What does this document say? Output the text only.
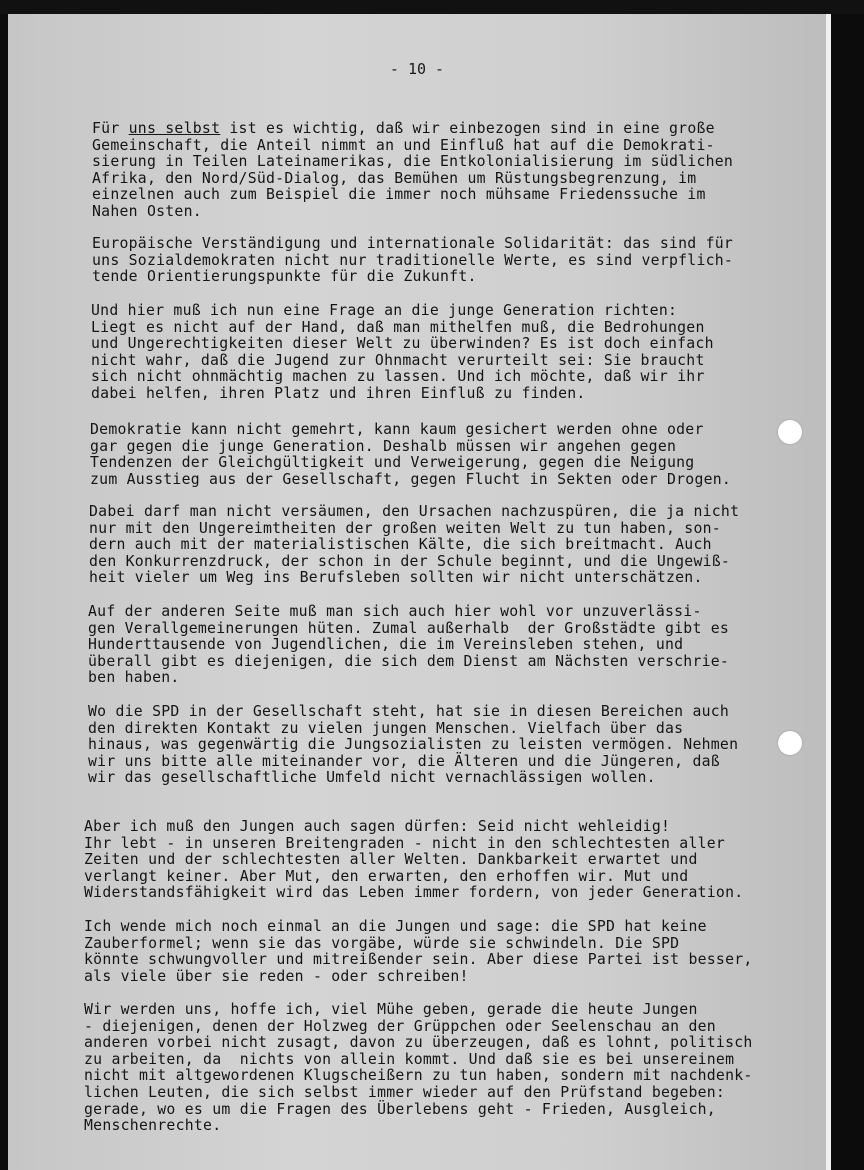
- 10 -
Für uns selbst ist es wichtig, daß wir einbezogen sind in eine große
Gemeinschaft, die Anteil nimmt an und Einfluß hat auf die Demokrati-
sierung in Teilen Lateinamerikas, die Entkolonialisierung im südlichen
Afrika, den Nord/Süd-Dialog, das Bemühen um Rüstungsbegrenzung, im
einzelnen auch zum Beispiel die immer noch mühsame Friedenssuche im
Nahen Osten.
Europäische Verständigung und internationale Solidarität: das sind für
uns Sozialdemokraten nicht nur traditionelle Werte, es sind verpflich-
tende Orientierungspunkte für die Zukunft.
Und hier muß ich nun eine Frage an die junge Generation richten:
Liegt es nicht auf der Hand, daß man mithelfen muß, die Bedrohungen
und Ungerechtigkeiten dieser Welt zu überwinden? Es ist doch einfach
nicht wahr, daß die Jugend zur Ohnmacht verurteilt sei: Sie braucht
sich nicht ohnmächtig machen zu lassen. Und ich möchte, daß wir ihr
dabei helfen, ihren Platz und ihren Einfluß zu finden.
Demokratie kann nicht gemehrt, kann kaum gesichert werden ohne oder
gar gegen die junge Generation. Deshalb müssen wir angehen gegen
Tendenzen der Gleichgültigkeit und Verweigerung, gegen die Neigung
zum Ausstieg aus der Gesellschaft, gegen Flucht in Sekten oder Drogen.
Dabei darf man nicht versäumen, den Ursachen nachzuspüren, die ja nicht
nur mit den Ungereimtheiten der großen weiten Welt zu tun haben, son-
dern auch mit der materialistischen Kälte, die sich breitmacht. Auch
den Konkurrenzdruck, der schon in der Schule beginnt, und die Ungewiß-
heit vieler um Weg ins Berufsleben sollten wir nicht unterschätzen.
Auf der anderen Seite muß man sich auch hier wohl vor unzuverlässi-
gen Verallgemeinerungen hüten. Zumal außerhalb  der Großstädte gibt es
Hunderttausende von Jugendlichen, die im Vereinsleben stehen, und
überall gibt es diejenigen, die sich dem Dienst am Nächsten verschrie-
ben haben.
Wo die SPD in der Gesellschaft steht, hat sie in diesen Bereichen auch
den direkten Kontakt zu vielen jungen Menschen. Vielfach über das
hinaus, was gegenwärtig die Jungsozialisten zu leisten vermögen. Nehmen
wir uns bitte alle miteinander vor, die Älteren und die Jüngeren, daß
wir das gesellschaftliche Umfeld nicht vernachlässigen wollen.
Aber ich muß den Jungen auch sagen dürfen: Seid nicht wehleidig!
Ihr lebt - in unseren Breitengraden - nicht in den schlechtesten aller
Zeiten und der schlechtesten aller Welten. Dankbarkeit erwartet und
verlangt keiner. Aber Mut, den erwarten, den erhoffen wir. Mut und
Widerstandsfähigkeit wird das Leben immer fordern, von jeder Generation.
Ich wende mich noch einmal an die Jungen und sage: die SPD hat keine
Zauberformel; wenn sie das vorgäbe, würde sie schwindeln. Die SPD
könnte schwungvoller und mitreißender sein. Aber diese Partei ist besser,
als viele über sie reden - oder schreiben!
Wir werden uns, hoffe ich, viel Mühe geben, gerade die heute Jungen
- diejenigen, denen der Holzweg der Grüppchen oder Seelenschau an den
anderen vorbei nicht zusagt, davon zu überzeugen, daß es lohnt, politisch
zu arbeiten, da  nichts von allein kommt. Und daß sie es bei unsereinem
nicht mit altgewordenen Klugscheißern zu tun haben, sondern mit nachdenk-
lichen Leuten, die sich selbst immer wieder auf den Prüfstand begeben:
gerade, wo es um die Fragen des Überlebens geht - Frieden, Ausgleich,
Menschenrechte.
